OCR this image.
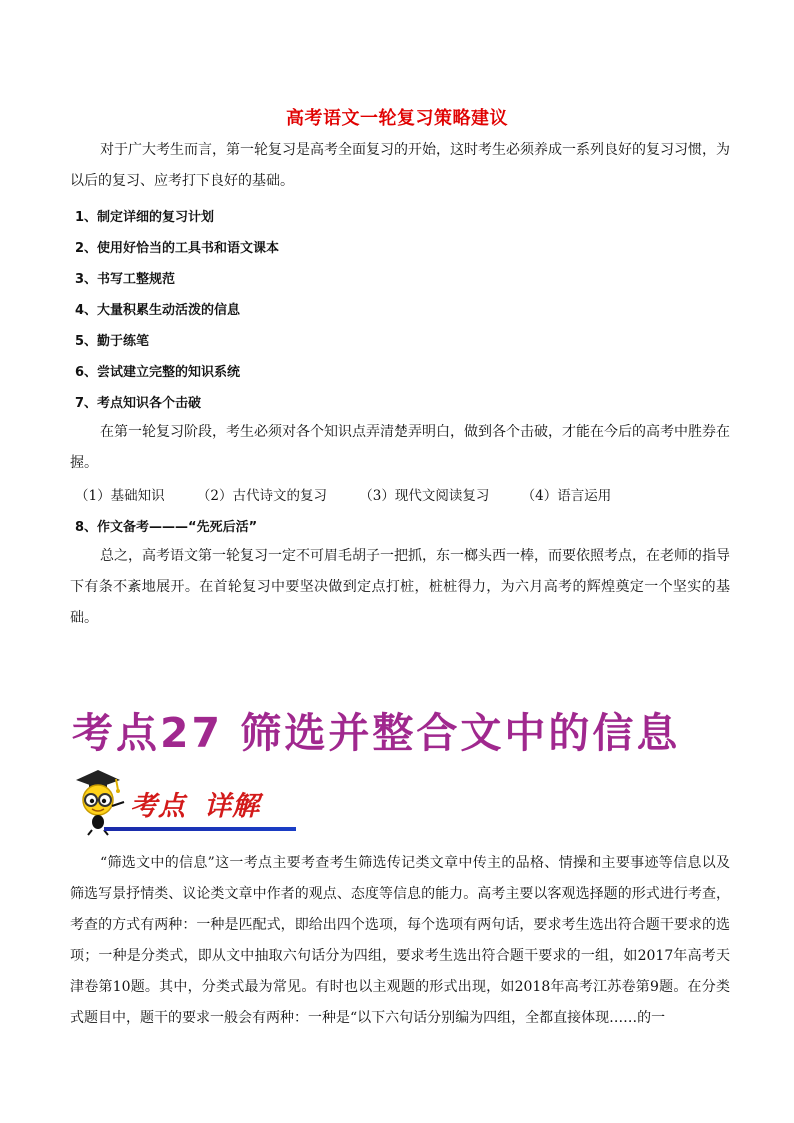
高考语文一轮复习策略建议
对于广大考生而言，第一轮复习是高考全面复习的开始，这时考生必须养成一系列良好的复习习惯，为以后的复习、应考打下良好的基础。
1、制定详细的复习计划
2、使用好恰当的工具书和语文课本
3、书写工整规范
4、大量积累生动活泼的信息
5、勤于练笔
6、尝试建立完整的知识系统
7、考点知识各个击破
在第一轮复习阶段，考生必须对各个知识点弄清楚弄明白，做到各个击破，才能在今后的高考中胜券在握。
（1）基础知识 （2）古代诗文的复习 （3）现代文阅读复习 （4）语言运用
8、作文备考———“先死后活”
总之，高考语文第一轮复习一定不可眉毛胡子一把抓，东一榔头西一棒，而要依照考点，在老师的指导下有条不紊地展开。在首轮复习中要坚决做到定点打桩，桩桩得力，为六月高考的辉煌奠定一个坚实的基础。
考点27 筛选并整合文中的信息
考点 详解
“筛选文中的信息”这一考点主要考查考生筛选传记类文章中传主的品格、情操和主要事迹等信息以及筛选写景抒情类、议论类文章中作者的观点、态度等信息的能力。高考主要以客观选择题的形式进行考查，考查的方式有两种：一种是匹配式，即给出四个选项，每个选项有两句话，要求考生选出符合题干要求的选项；一种是分类式，即从文中抽取六句话分为四组，要求考生选出符合题干要求的一组，如2017年高考天津卷第10题。其中，分类式最为常见。有时也以主观题的形式出现，如2018年高考江苏卷第9题。在分类式题目中，题干的要求一般会有两种：一种是“以下六句话分别编为四组，全都直接体现……的一
